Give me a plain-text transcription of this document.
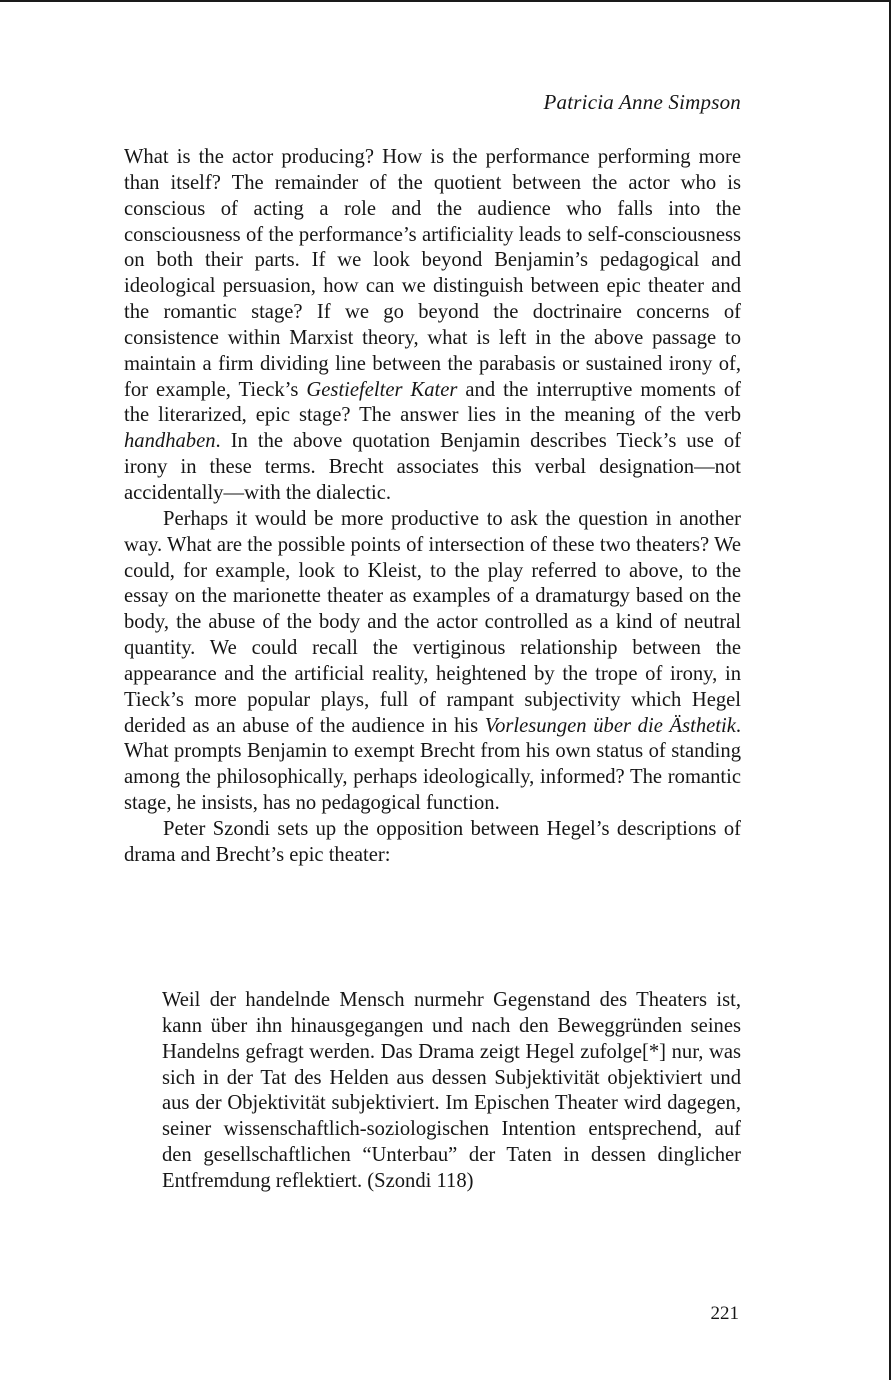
Patricia Anne Simpson

What is the actor producing? How is the performance performing more than itself? The remainder of the quotient between the actor who is conscious of acting a role and the audience who falls into the consciousness of the performance’s artificiality leads to self-consciousness on both their parts. If we look beyond Benjamin’s pedagogical and ideological persuasion, how can we distinguish between epic theater and the romantic stage? If we go beyond the doctrinaire concerns of consistence within Marxist theory, what is left in the above passage to maintain a firm dividing line between the parabasis or sustained irony of, for example, Tieck’s Gestiefelter Kater and the interruptive moments of the literarized, epic stage? The answer lies in the meaning of the verb handhaben. In the above quotation Benjamin describes Tieck’s use of irony in these terms. Brecht associates this verbal designation—not accidentally—with the dialectic.

Perhaps it would be more productive to ask the question in another way. What are the possible points of intersection of these two theaters? We could, for example, look to Kleist, to the play referred to above, to the essay on the marionette theater as examples of a dramaturgy based on the body, the abuse of the body and the actor controlled as a kind of neutral quantity. We could recall the vertiginous relationship between the appearance and the artificial reality, heightened by the trope of irony, in Tieck’s more popular plays, full of rampant subjectivity which Hegel derided as an abuse of the audience in his Vorlesungen über die Ästhetik. What prompts Benjamin to exempt Brecht from his own status of standing among the philosophically, perhaps ideologically, informed? The romantic stage, he insists, has no pedagogical function.

Peter Szondi sets up the opposition between Hegel’s descriptions of drama and Brecht’s epic theater:

Weil der handelnde Mensch nurmehr Gegenstand des Theaters ist, kann über ihn hinausgegangen und nach den Beweggründen seines Handelns gefragt werden. Das Drama zeigt Hegel zufolge[*] nur, was sich in der Tat des Helden aus dessen Subjektivität objektiviert und aus der Objektivität subjektiviert. Im Epischen Theater wird dagegen, seiner wissenschaftlich-soziologischen Intention entsprechend, auf den gesellschaftlichen “Unterbau” der Taten in dessen dinglicher Entfremdung reflektiert. (Szondi 118)

221
